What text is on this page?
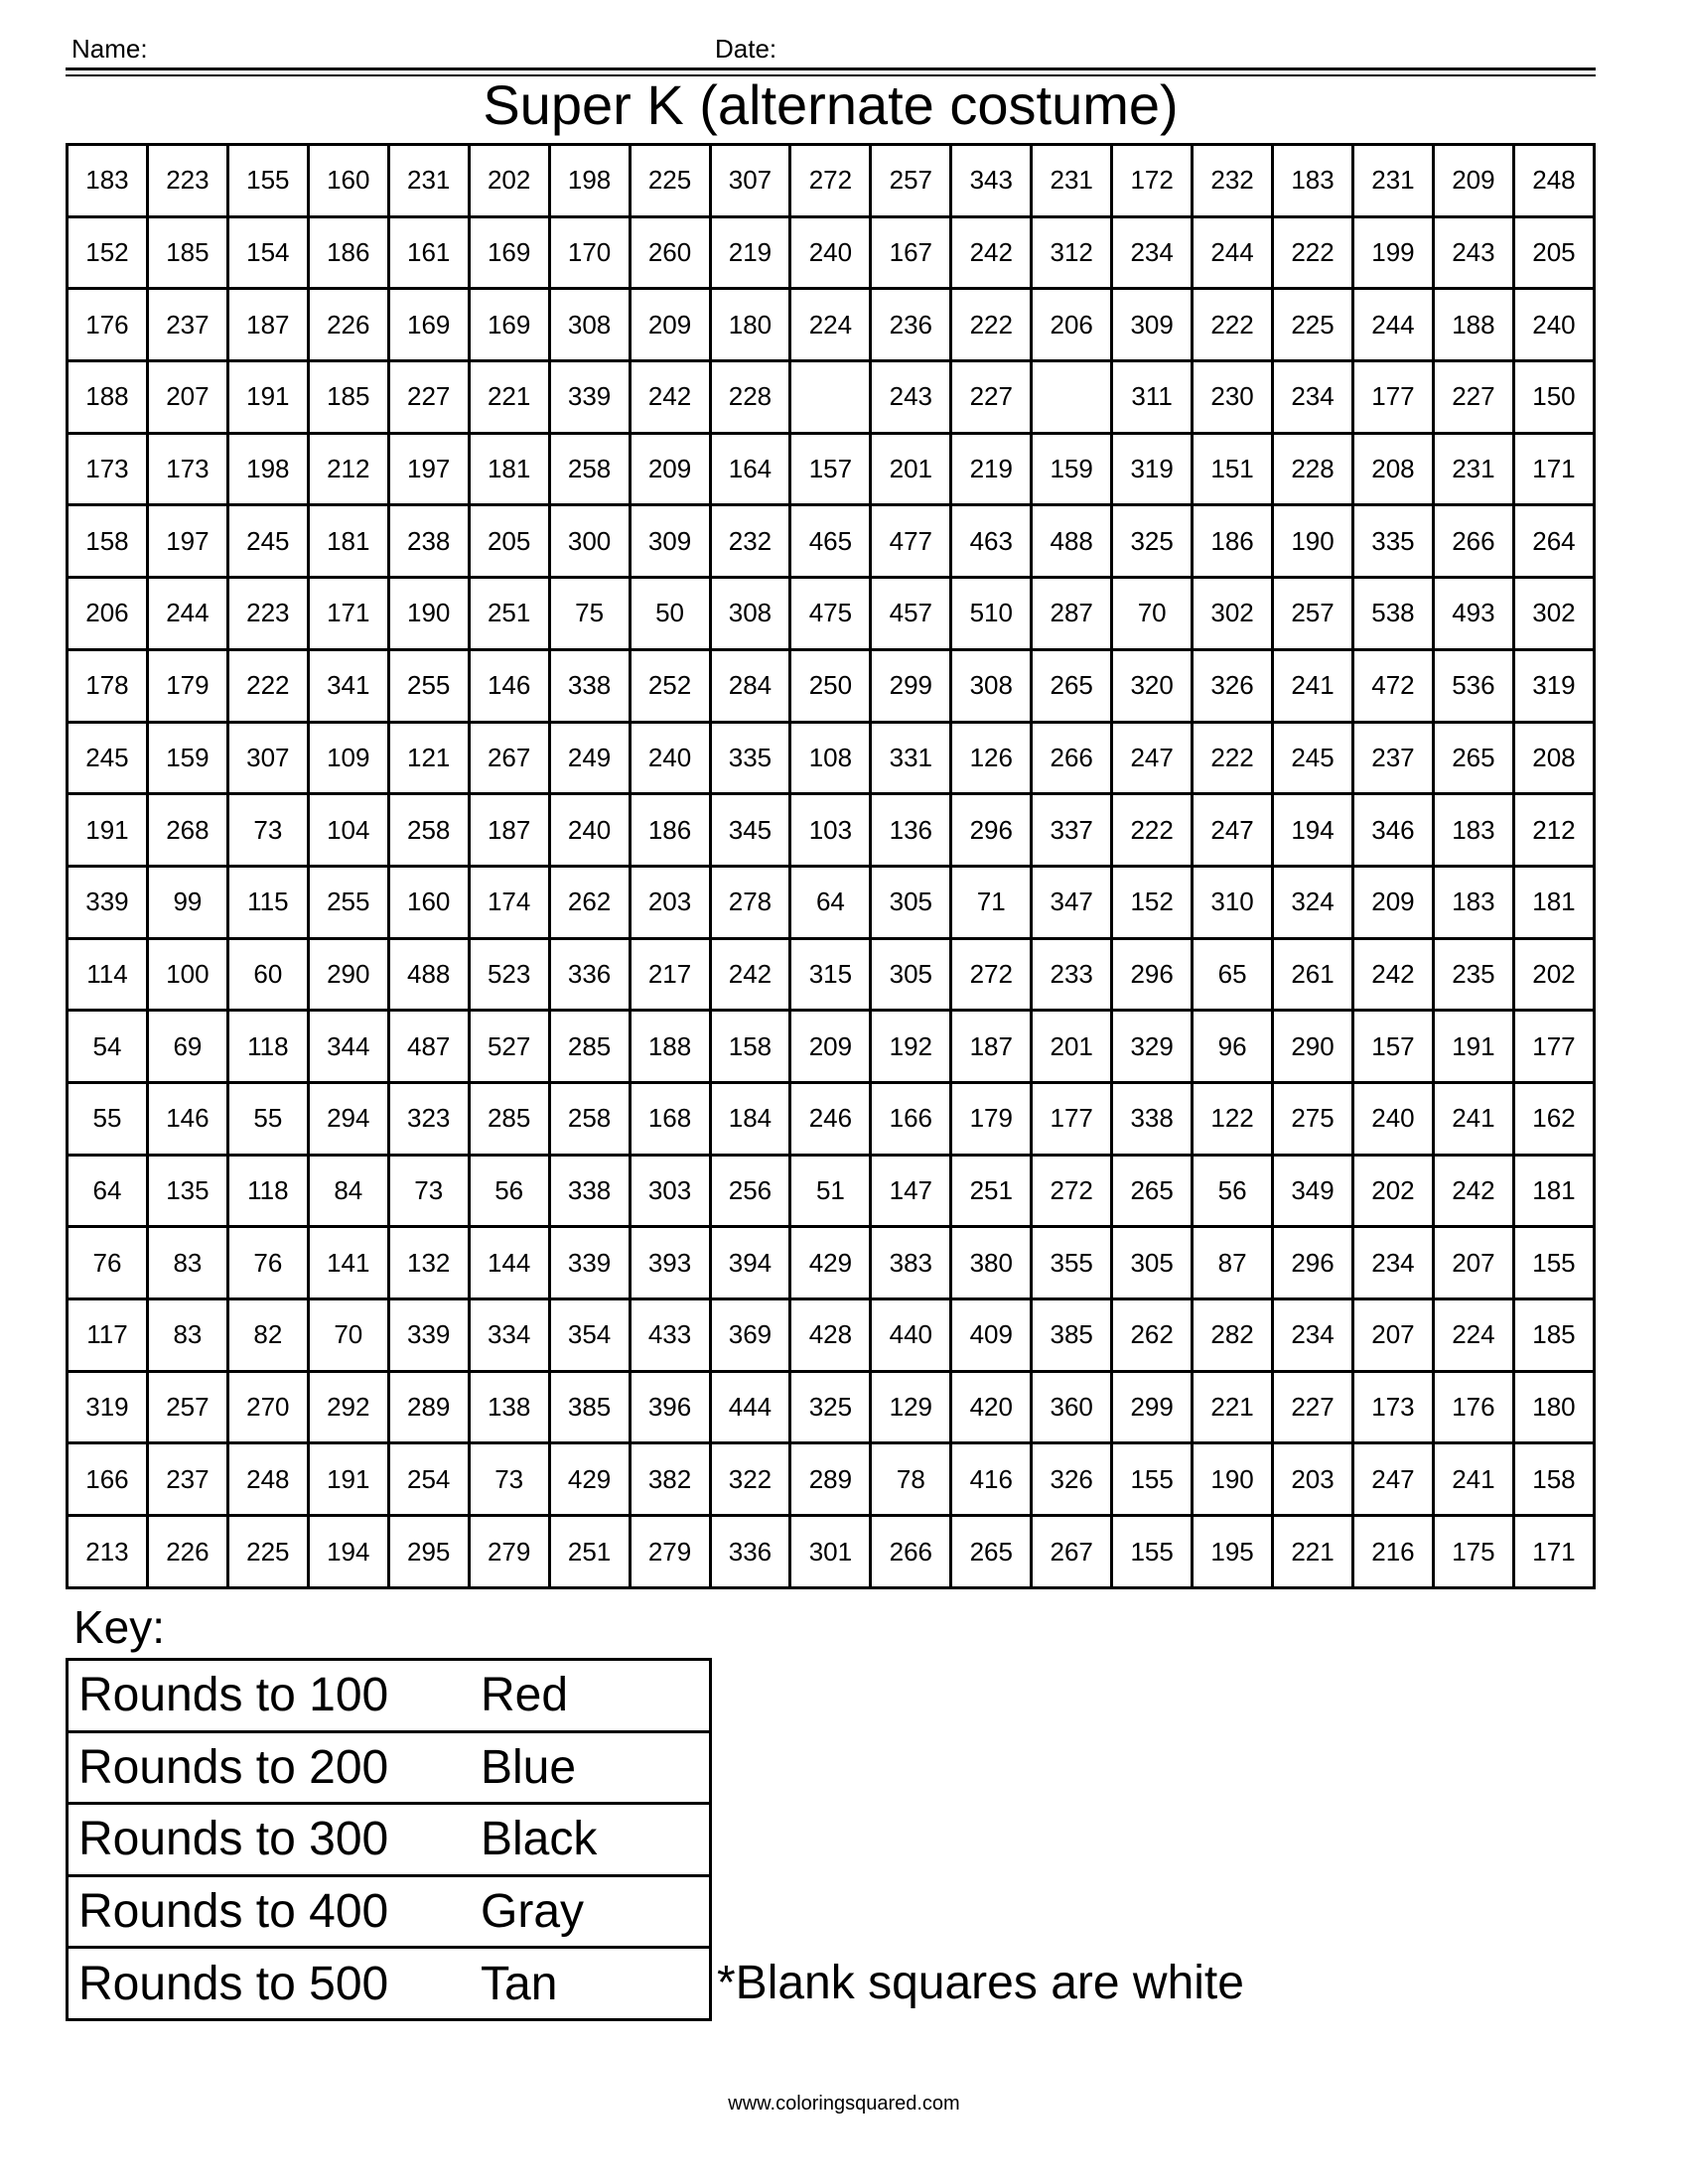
Name:	Date:
Super K (alternate costume)
183	223	155	160	231	202	198	225	307	272	257	343	231	172	232	183	231	209	248
152	185	154	186	161	169	170	260	219	240	167	242	312	234	244	222	199	243	205
176	237	187	226	169	169	308	209	180	224	236	222	206	309	222	225	244	188	240
188	207	191	185	227	221	339	242	228		243	227		311	230	234	177	227	150
173	173	198	212	197	181	258	209	164	157	201	219	159	319	151	228	208	231	171
158	197	245	181	238	205	300	309	232	465	477	463	488	325	186	190	335	266	264
206	244	223	171	190	251	75	50	308	475	457	510	287	70	302	257	538	493	302
178	179	222	341	255	146	338	252	284	250	299	308	265	320	326	241	472	536	319
245	159	307	109	121	267	249	240	335	108	331	126	266	247	222	245	237	265	208
191	268	73	104	258	187	240	186	345	103	136	296	337	222	247	194	346	183	212
339	99	115	255	160	174	262	203	278	64	305	71	347	152	310	324	209	183	181
114	100	60	290	488	523	336	217	242	315	305	272	233	296	65	261	242	235	202
54	69	118	344	487	527	285	188	158	209	192	187	201	329	96	290	157	191	177
55	146	55	294	323	285	258	168	184	246	166	179	177	338	122	275	240	241	162
64	135	118	84	73	56	338	303	256	51	147	251	272	265	56	349	202	242	181
76	83	76	141	132	144	339	393	394	429	383	380	355	305	87	296	234	207	155
117	83	82	70	339	334	354	433	369	428	440	409	385	262	282	234	207	224	185
319	257	270	292	289	138	385	396	444	325	129	420	360	299	221	227	173	176	180
166	237	248	191	254	73	429	382	322	289	78	416	326	155	190	203	247	241	158
213	226	225	194	295	279	251	279	336	301	266	265	267	155	195	221	216	175	171
Key:
Rounds to 100	Red
Rounds to 200	Blue
Rounds to 300	Black
Rounds to 400	Gray
Rounds to 500	Tan	*Blank squares are white
www.coloringsquared.com
